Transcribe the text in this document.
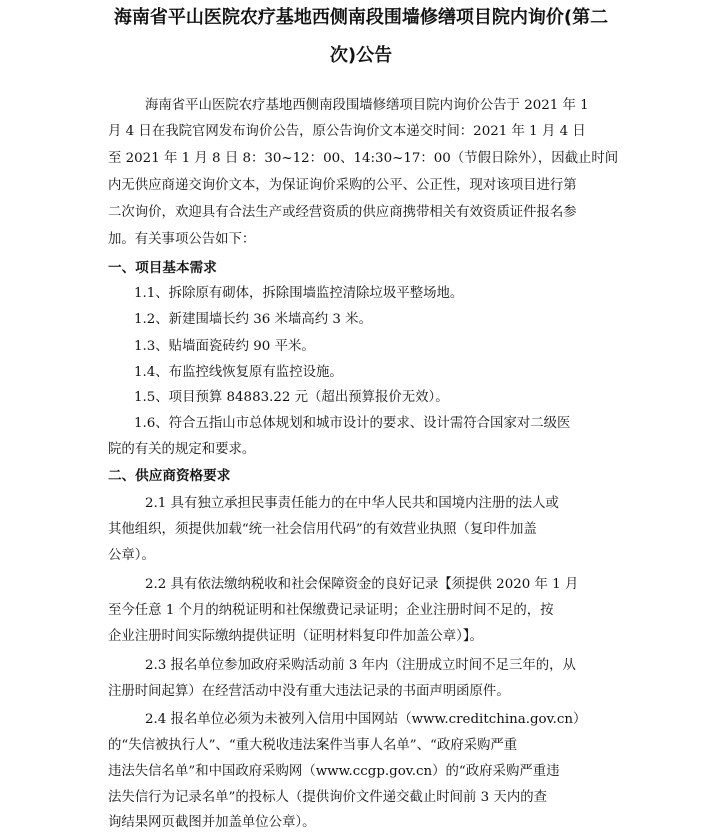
海南省平山医院农疗基地西侧南段围墙修缮项目院内询价(第二
次)公告
海南省平山医院农疗基地西侧南段围墙修缮项目院内询价公告于 2021 年 1
月 4 日在我院官网发布询价公告，原公告询价文本递交时间：2021 年 1 月 4 日
至 2021 年 1 月 8 日 8：30~12：00、14:30~17：00（节假日除外），因截止时间
内无供应商递交询价文本，为保证询价采购的公平、公正性，现对该项目进行第
二次询价，欢迎具有合法生产或经营资质的供应商携带相关有效资质证件报名参
加。有关事项公告如下：
一、项目基本需求
1.1、拆除原有砌体，拆除围墙监控清除垃圾平整场地。
1.2、新建围墙长约 36 米墙高约 3 米。
1.3、贴墙面瓷砖约 90 平米。
1.4、布监控线恢复原有监控设施。
1.5、项目预算 84883.22 元（超出预算报价无效）。
1.6、符合五指山市总体规划和城市设计的要求、设计需符合国家对二级医
院的有关的规定和要求。
二、供应商资格要求
2.1 具有独立承担民事责任能力的在中华人民共和国境内注册的法人或
其他组织，须提供加载“统一社会信用代码”的有效营业执照（复印件加盖
公章）。
2.2 具有依法缴纳税收和社会保障资金的良好记录【须提供 2020 年 1 月
至今任意 1 个月的纳税证明和社保缴费记录证明；企业注册时间不足的，按
企业注册时间实际缴纳提供证明（证明材料复印件加盖公章）】。
2.3 报名单位参加政府采购活动前 3 年内（注册成立时间不足三年的，从
注册时间起算）在经营活动中没有重大违法记录的书面声明函原件。
2.4 报名单位必须为未被列入信用中国网站（www.creditchina.gov.cn）
的“失信被执行人”、“重大税收违法案件当事人名单”、“政府采购严重
违法失信名单”和中国政府采购网（www.ccgp.gov.cn）的“政府采购严重违
法失信行为记录名单”的投标人（提供询价文件递交截止时间前 3 天内的查
询结果网页截图并加盖单位公章）。
